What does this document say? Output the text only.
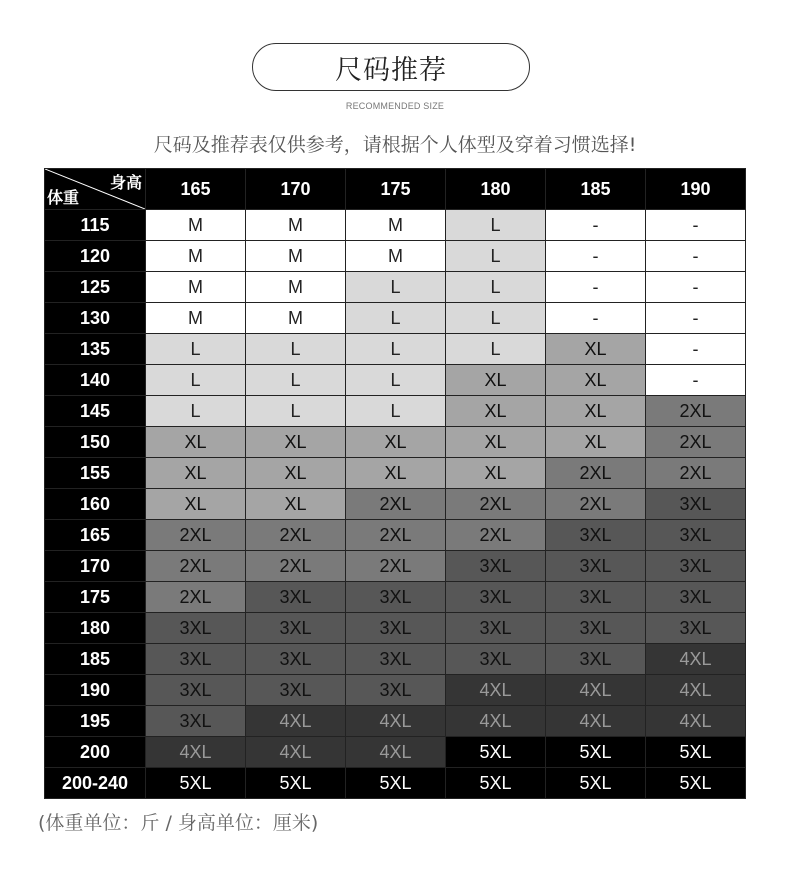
尺码推荐
RECOMMENDED SIZE
尺码及推荐表仅供参考，请根据个人体型及穿着习惯选择!
身高
体重	165	170	175	180	185	190
115	M	M	M	L	-	-
120	M	M	M	L	-	-
125	M	M	L	L	-	-
130	M	M	L	L	-	-
135	L	L	L	L	XL	-
140	L	L	L	XL	XL	-
145	L	L	L	XL	XL	2XL
150	XL	XL	XL	XL	XL	2XL
155	XL	XL	XL	XL	2XL	2XL
160	XL	XL	2XL	2XL	2XL	3XL
165	2XL	2XL	2XL	2XL	3XL	3XL
170	2XL	2XL	2XL	3XL	3XL	3XL
175	2XL	3XL	3XL	3XL	3XL	3XL
180	3XL	3XL	3XL	3XL	3XL	3XL
185	3XL	3XL	3XL	3XL	3XL	4XL
190	3XL	3XL	3XL	4XL	4XL	4XL
195	3XL	4XL	4XL	4XL	4XL	4XL
200	4XL	4XL	4XL	5XL	5XL	5XL
200-240	5XL	5XL	5XL	5XL	5XL	5XL
(体重单位：斤 / 身高单位：厘米)
